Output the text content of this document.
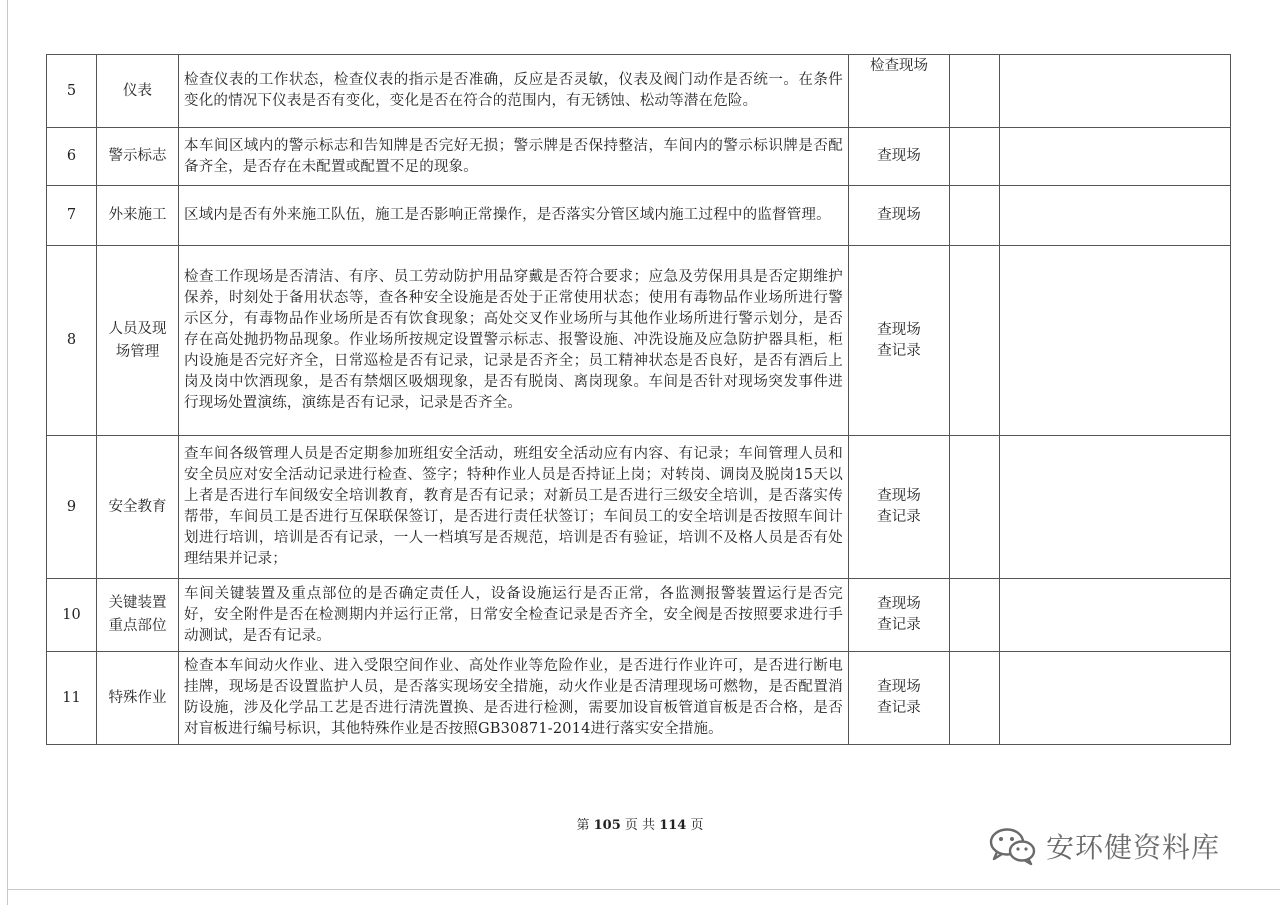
5	仪表	检查仪表的工作状态，检查仪表的指示是否准确，反应是否灵敏，仪表及阀门动作是否统一。在条件变化的情况下仪表是否有变化，变化是否在符合的范围内，有无锈蚀、松动等潜在危险。	检查现场		
6	警示标志	本车间区域内的警示标志和告知牌是否完好无损；警示牌是否保持整洁，车间内的警示标识牌是否配备齐全，是否存在未配置或配置不足的现象。	查现场		
7	外来施工	区域内是否有外来施工队伍，施工是否影响正常操作，是否落实分管区域内施工过程中的监督管理。	查现场		
8	人员及现场管理	检查工作现场是否清洁、有序、员工劳动防护用品穿戴是否符合要求；应急及劳保用具是否定期维护保养，时刻处于备用状态等，查各种安全设施是否处于正常使用状态；使用有毒物品作业场所进行警示区分，有毒物品作业场所是否有饮食现象；高处交叉作业场所与其他作业场所进行警示划分，是否存在高处抛扔物品现象。作业场所按规定设置警示标志、报警设施、冲洗设施及应急防护器具柜，柜内设施是否完好齐全，日常巡检是否有记录，记录是否齐全；员工精神状态是否良好，是否有酒后上岗及岗中饮酒现象，是否有禁烟区吸烟现象，是否有脱岗、离岗现象。车间是否针对现场突发事件进行现场处置演练，演练是否有记录，记录是否齐全。	查现场
查记录		
9	安全教育	查车间各级管理人员是否定期参加班组安全活动，班组安全活动应有内容、有记录；车间管理人员和安全员应对安全活动记录进行检查、签字；特种作业人员是否持证上岗；对转岗、调岗及脱岗15天以上者是否进行车间级安全培训教育，教育是否有记录；对新员工是否进行三级安全培训，是否落实传帮带，车间员工是否进行互保联保签订，是否进行责任状签订；车间员工的安全培训是否按照车间计划进行培训，培训是否有记录，一人一档填写是否规范，培训是否有验证，培训不及格人员是否有处理结果并记录；	查现场
查记录		
10	关键装置重点部位	车间关键装置及重点部位的是否确定责任人，设备设施运行是否正常，各监测报警装置运行是否完好，安全附件是否在检测期内并运行正常，日常安全检查记录是否齐全，安全阀是否按照要求进行手动测试，是否有记录。	查现场
查记录		
11	特殊作业	检查本车间动火作业、进入受限空间作业、高处作业等危险作业，是否进行作业许可，是否进行断电挂牌，现场是否设置监护人员，是否落实现场安全措施，动火作业是否清理现场可燃物，是否配置消防设施，涉及化学品工艺是否进行清洗置换、是否进行检测，需要加设盲板管道盲板是否合格，是否对盲板进行编号标识，其他特殊作业是否按照GB30871-2014进行落实安全措施。	查现场
查记录		
第 105 页 共 114 页
安环健资料库
